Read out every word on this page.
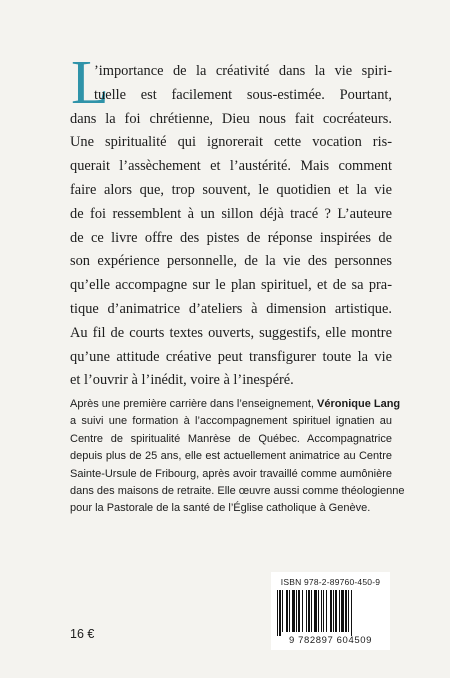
L
’importance de la créativité dans la vie spiri-
tuelle est facilement sous-estimée. Pourtant,
dans la foi chrétienne, Dieu nous fait cocréateurs.
Une spiritualité qui ignorerait cette vocation ris-
querait l’assèchement et l’austérité. Mais comment
faire alors que, trop souvent, le quotidien et la vie
de foi ressemblent à un sillon déjà tracé ? L’auteure
de ce livre offre des pistes de réponse inspirées de
son expérience personnelle, de la vie des personnes
qu’elle accompagne sur le plan spirituel, et de sa pra-
tique d’animatrice d’ateliers à dimension artistique.
Au fil de courts textes ouverts, suggestifs, elle montre
qu’une attitude créative peut transfigurer toute la vie
et l’ouvrir à l’inédit, voire à l’inespéré.
Après une première carrière dans l’enseignement, Véronique Lang
a suivi une formation à l’accompagnement spirituel ignatien au
Centre de spiritualité Manrèse de Québec. Accompagnatrice
depuis plus de 25 ans, elle est actuellement animatrice au Centre
Sainte-Ursule de Fribourg, après avoir travaillé comme aumônière
dans des maisons de retraite. Elle œuvre aussi comme théologienne
pour la Pastorale de la santé de l’Église catholique à Genève.
16 €
ISBN 978-2-89760-450-9
9 782897 604509
